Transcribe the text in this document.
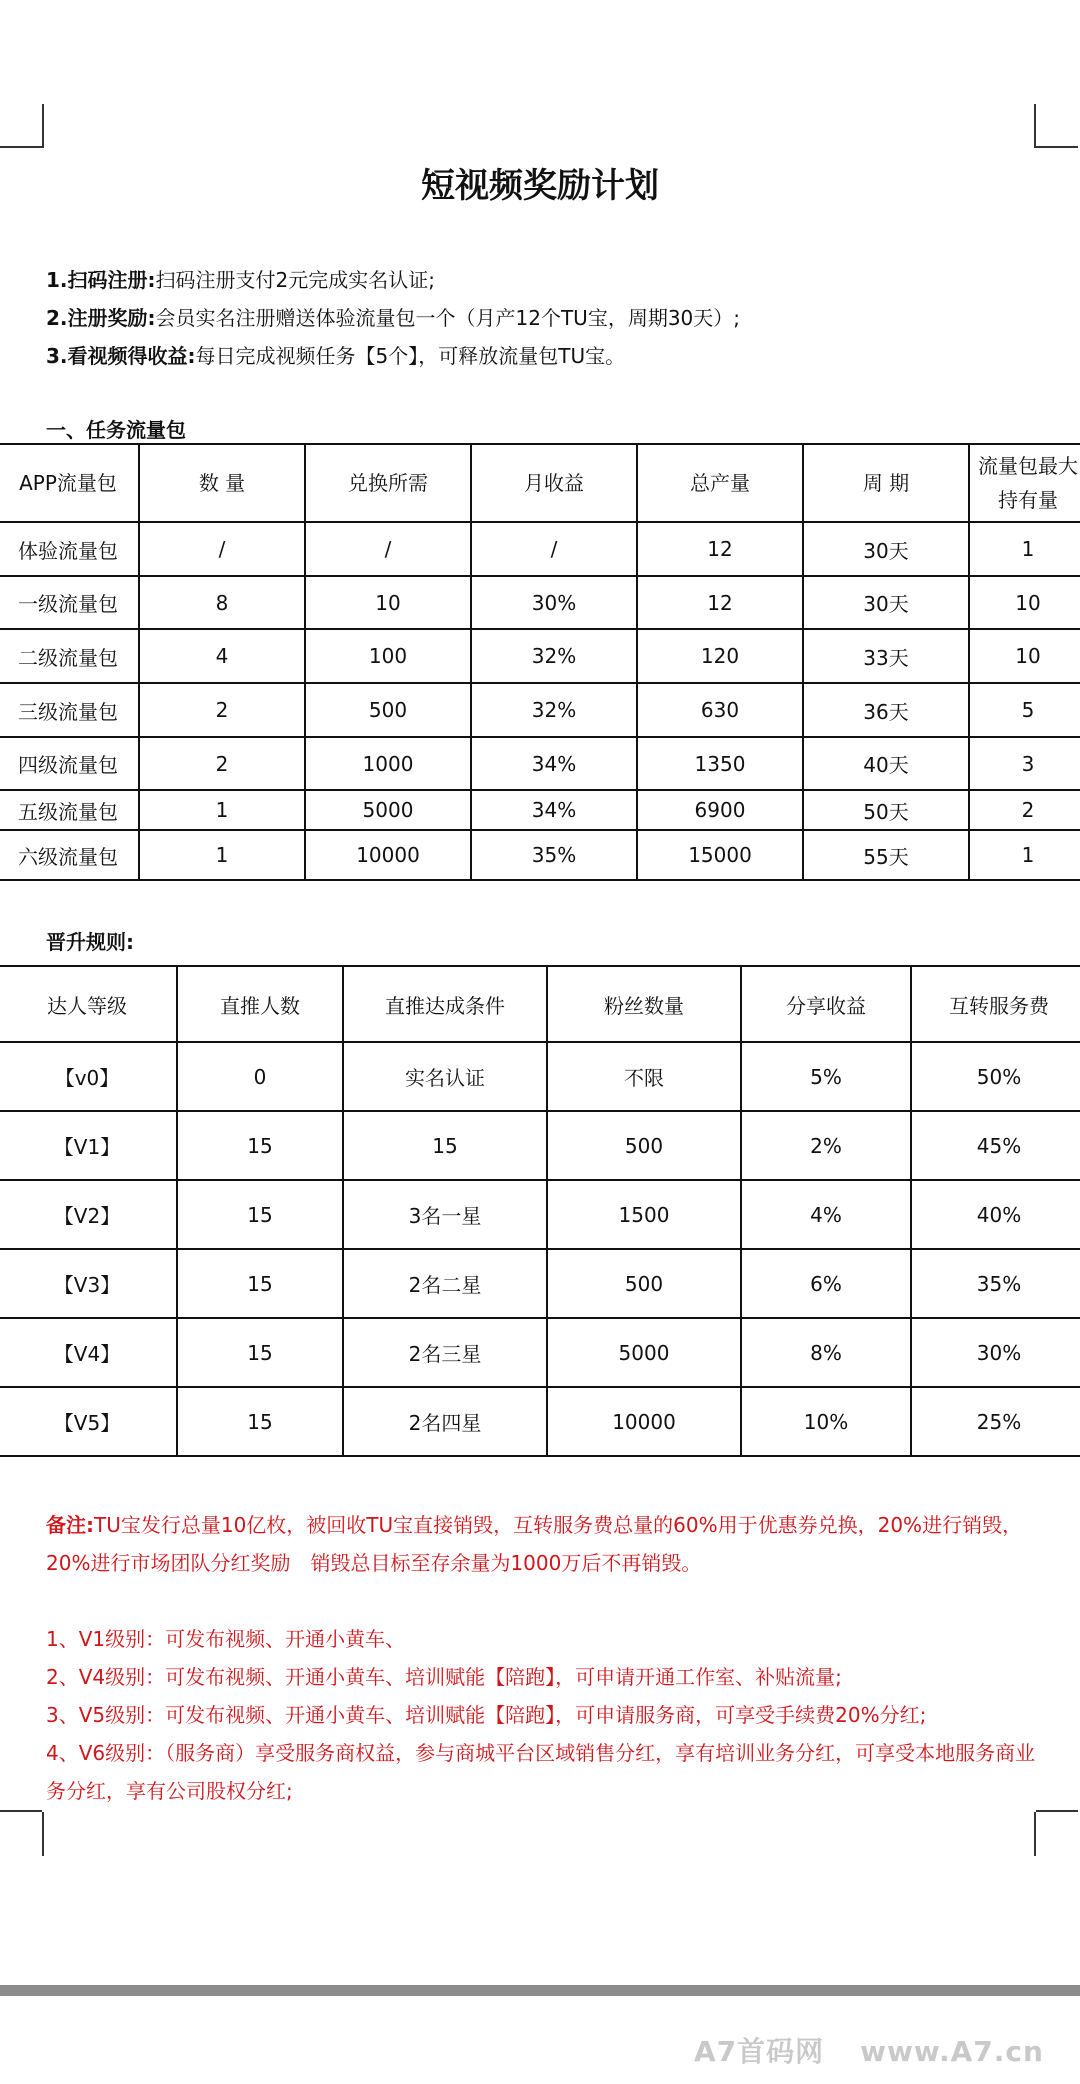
短视频奖励计划
1.扫码注册:扫码注册支付2元完成实名认证;
2.注册奖励:会员实名注册赠送体验流量包一个（月产12个TU宝，周期30天）;
3.看视频得收益:每日完成视频任务【5个】，可释放流量包TU宝。
一、任务流量包
APP流量包	数 量	兑换所需	月收益	总产量	周 期	流量包最大持有量
体验流量包	/	/	/	12	30天	1
一级流量包	8	10	30%	12	30天	10
二级流量包	4	100	32%	120	33天	10
三级流量包	2	500	32%	630	36天	5
四级流量包	2	1000	34%	1350	40天	3
五级流量包	1	5000	34%	6900	50天	2
六级流量包	1	10000	35%	15000	55天	1
晋升规则:
达人等级	直推人数	直推达成条件	粉丝数量	分享收益	互转服务费
【v0】	0	实名认证	不限	5%	50%
【V1】	15	15	500	2%	45%
【V2】	15	3名一星	1500	4%	40%
【V3】	15	2名二星	500	6%	35%
【V4】	15	2名三星	5000	8%	30%
【V5】	15	2名四星	10000	10%	25%
备注:TU宝发行总量10亿枚，被回收TU宝直接销毁，互转服务费总量的60%用于优惠券兑换，20%进行销毁，20%进行市场团队分红奖励　销毁总目标至存余量为1000万后不再销毁。
1、V1级别：可发布视频、开通小黄车、
2、V4级别：可发布视频、开通小黄车、培训赋能【陪跑】，可申请开通工作室、补贴流量;
3、V5级别：可发布视频、开通小黄车、培训赋能【陪跑】，可申请服务商，可享受手续费20%分红;
4、V6级别：（服务商）享受服务商权益，参与商城平台区域销售分红，享有培训业务分红，可享受本地服务商业务分红，享有公司股权分红;
A7首码网 www.A7.cn
